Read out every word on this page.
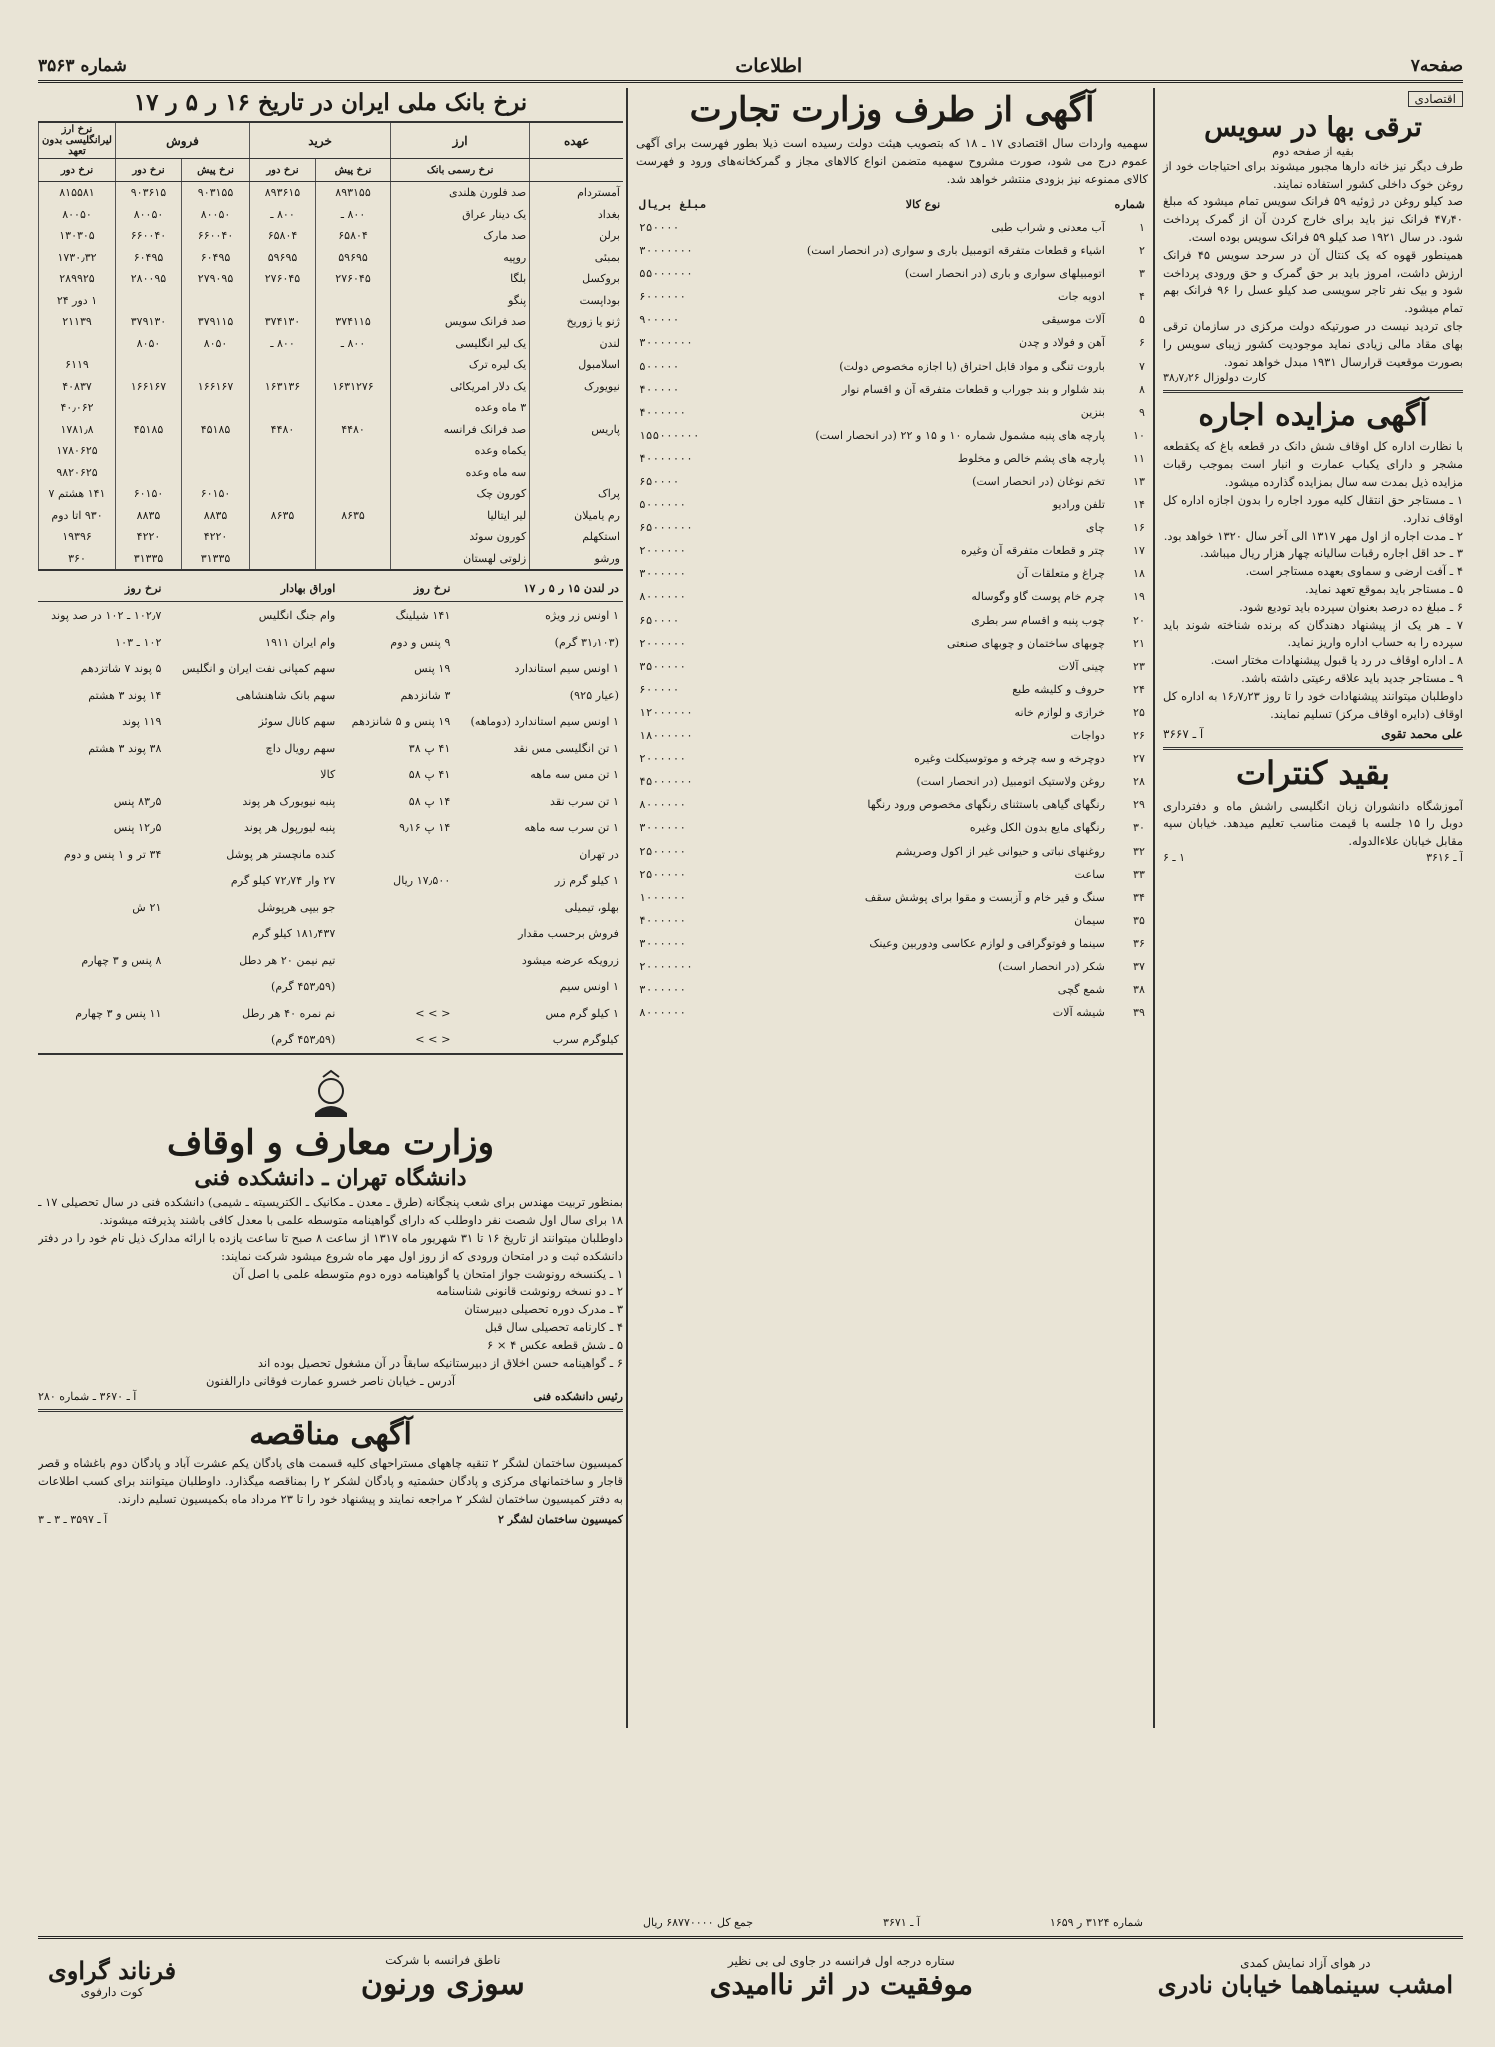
صفحه۷
اطلاعات
شماره ۳۵۶۳
اقتصادی
ترقی بها در سویس
بقیه از صفحه دوم
طرف دیگر نیز خانه دارها مجبور میشوند برای احتیاجات خود از روغن خوک داخلی کشور استفاده نمایند.
صد کیلو روغن در ژوئیه ۵۹ فرانک سویس تمام میشود که مبلغ ۴۷٫۴۰ فرانک نیز باید برای خارج کردن آن از گمرک پرداخت شود. در سال ۱۹۲۱ صد کیلو ۵۹ فرانک سویس بوده است.
همینطور قهوه که یک کنتال آن در سرحد سویس ۴۵ فرانک ارزش داشت، امروز باید بر حق گمرک و حق ورودی پرداخت شود و بیک نفر تاجر سویسی صد کیلو عسل را ۹۶ فرانک بهم تمام میشود.
جای تردید نیست در صورتیکه دولت مرکزی در سازمان ترقی بهای مقاد مالی زیادی نماید موجودیت کشور زیبای سویس را بصورت موقعیت قرارسال ۱۹۳۱ مبدل خواهد نمود.
کارت دولوزال ۳۸٫۷٫۲۶
آگهی مزایده اجاره
با نظارت اداره کل اوقاف شش دانک در قطعه باغ که یکقطعه مشجر و دارای یکباب عمارت و انبار است بموجب رقبات مزایده ذیل بمدت سه سال بمزایده گذارده میشود.
۱ ـ مستاجر حق انتقال کلیه مورد اجاره را بدون اجازه اداره کل اوقاف ندارد.
۲ ـ مدت اجاره از اول مهر ۱۳۱۷ الی آخر سال ۱۳۲۰ خواهد بود.
۳ ـ حد اقل اجاره رقبات سالیانه چهار هزار ریال میباشد.
۴ ـ آفت ارضی و سماوی بعهده مستاجر است.
۵ ـ مستاجر باید بموقع تعهد نماید.
۶ ـ مبلغ ده درصد بعنوان سپرده باید تودیع شود.
۷ ـ هر یک از پیشنهاد دهندگان که برنده شناخته شوند باید سپرده را به حساب اداره واریز نماید.
۸ ـ اداره اوقاف در رد یا قبول پیشنهادات مختار است.
۹ ـ مستاجر جدید باید علاقه رعیتی داشته باشد.
داوطلبان میتوانند پیشنهادات خود را تا روز ۱۶٫۷٫۲۳ به اداره کل اوقاف (دایره اوقاف مرکز) تسلیم نمایند.
علی محمد تقوی
آ ـ ۳۶۶۷
بقید کنترات
آموزشگاه دانشوران زبان انگلیسی راشش ماه و دفترداری دوبل را ۱۵ جلسه با قیمت مناسب تعلیم میدهد. خیابان سپه مقابل خیابان علاء‌الدوله.
آ ـ ۳۶۱۶
۱ ـ ۶
آگهی از طرف وزارت تجارت
سهمیه واردات سال اقتصادی ۱۷ ـ ۱۸ که بتصویب هیئت دولت رسیده است ذیلا بطور فهرست برای آگهی عموم درج می شود، صورت مشروح سهمیه متضمن انواع کالاهای مجاز و گمرکخانه‌های ورود و فهرست کالای ممنوعه نیز بزودی منتشر خواهد شد.
شماره	نوع کالا	مبلغ بریال
۱	آب معدنی و شراب طبی	۲۵۰۰۰۰
۲	اشیاء و قطعات متفرقه اتومبیل باری و سواری (در انحصار است)	۳۰۰۰۰۰۰۰
۳	اتومبیلهای سواری و باری (در انحصار است)	۵۵۰۰۰۰۰۰
۴	ادویه جات	۶۰۰۰۰۰۰
۵	آلات موسیقی	۹۰۰۰۰۰
۶	آهن و فولاد و چدن	۳۰۰۰۰۰۰۰
۷	باروت تنگی و مواد قابل احتراق (با اجازه مخصوص دولت)	۵۰۰۰۰۰
۸	بند شلوار و بند جوراب و قطعات متفرقه آن و اقسام نوار	۴۰۰۰۰۰
۹	بنزین	۴۰۰۰۰۰۰
۱۰	پارچه های پنبه مشمول شماره ۱۰ و ۱۵ و ۲۲ (در انحصار است)	۱۵۵۰۰۰۰۰۰
۱۱	پارچه های پشم خالص و مخلوط	۴۰۰۰۰۰۰۰
۱۳	تخم نوغان (در انحصار است)	۶۵۰۰۰۰
۱۴	تلفن ورادیو	۵۰۰۰۰۰۰
۱۶	چای	۶۵۰۰۰۰۰۰
۱۷	چتر و قطعات متفرقه آن وغیره	۲۰۰۰۰۰۰
۱۸	چراغ و متعلقات آن	۳۰۰۰۰۰۰
۱۹	چرم خام پوست گاو وگوساله	۸۰۰۰۰۰۰
۲۰	چوب پنبه و اقسام سر بطری	۶۵۰۰۰۰
۲۱	چوبهای ساختمان و چوبهای صنعتی	۲۰۰۰۰۰۰
۲۳	چینی آلات	۳۵۰۰۰۰۰
۲۴	حروف و کلیشه طبع	۶۰۰۰۰۰
۲۵	خرازی و لوازم خانه	۱۲۰۰۰۰۰۰
۲۶	دواجات	۱۸۰۰۰۰۰۰
۲۷	دوچرخه و سه چرخه و موتوسیکلت وغیره	۲۰۰۰۰۰۰
۲۸	روغن ولاستیک اتومبیل (در انحصار است)	۴۵۰۰۰۰۰۰
۲۹	رنگهای گیاهی باستثنای رنگهای مخصوص ورود رنگها	۸۰۰۰۰۰۰
۳۰	رنگهای مایع بدون الکل وغیره	۳۰۰۰۰۰۰
۳۲	روغنهای نباتی و حیوانی غیر از اکول وصریشم	۲۵۰۰۰۰۰
۳۳	ساعت	۲۵۰۰۰۰۰
۳۴	سنگ و قیر خام و آزبست و مقوا برای پوشش سقف	۱۰۰۰۰۰۰
۳۵	سیمان	۴۰۰۰۰۰۰
۳۶	سینما و فوتوگرافی و لوازم عکاسی ودوربین وعینک	۳۰۰۰۰۰۰
۳۷	شکر (در انحصار است)	۲۰۰۰۰۰۰۰
۳۸	شمع گچی	۳۰۰۰۰۰۰
۳۹	شیشه آلات	۸۰۰۰۰۰۰
نرخ بانک ملی ایران در تاریخ ۱۶ ر ۵ ر ۱۷
عهده	ارز	خرید		فروش		نرخ ارز لیرانگلیسی بدون تعهد
	نرخ رسمی بانک	نرخ پیش	نرخ دور	نرخ پیش	نرخ دور	نرخ دور
آمستردام	صد فلورن هلندی	۸۹۳۱۵۵	۸۹۳۶۱۵	۹۰۳۱۵۵	۹۰۳۶۱۵	۸۱۵۵۸۱
بغداد	یک دینار عراق	۸۰۰ ـ	۸۰۰ ـ	۸۰۰۵۰	۸۰۰۵۰	۸۰۰۵۰
برلن	صد مارک	۶۵۸۰۴	۶۵۸۰۴	۶۶۰۰۴۰	۶۶۰۰۴۰	۱۳۰۳۰۵
بمبئی	روپیه	۵۹۶۹۵	۵۹۶۹۵	۶۰۴۹۵	۶۰۴۹۵	۱۷۳۰٫۳۲
بروکسل	بلگا	۲۷۶۰۴۵	۲۷۶۰۴۵	۲۷۹۰۹۵	۲۸۰۰۹۵	۲۸۹۹۲۵
بوداپست	پنگو					۱ دور ۲۴
ژنو یا زوریخ	صد فرانک سویس	۳۷۴۱۱۵	۳۷۴۱۳۰	۳۷۹۱۱۵	۳۷۹۱۳۰	۲۱۱۳۹
لندن	یک لیر انگلیسی	۸۰۰ ـ	۸۰۰ ـ	۸۰۵۰	۸۰۵۰	
اسلامبول	یک لیره ترک					۶۱۱۹
نیویورک	یک دلار امریکائی	۱۶۳۱۲۷۶	۱۶۳۱۳۶	۱۶۶۱۶۷	۱۶۶۱۶۷	۴۰۸۳۷
	۳ ماه وعده					۴۰٫۰۶۲
پاریس	صد فرانک فرانسه	۴۴۸۰	۴۴۸۰	۴۵۱۸۵	۴۵۱۸۵	۱۷۸۱٫۸
	یکماه وعده					۱۷۸۰۶۲۵
	سه ماه وعده					۹۸۲۰۶۲۵
پراک	کورون چک			۶۰۱۵۰	۶۰۱۵۰	۱۴۱ هشتم ۷
رم یامیلان	لیر ایتالیا	۸۶۳۵	۸۶۳۵	۸۸۳۵	۸۸۳۵	۹۳۰ اتا دوم
استکهلم	کورون سوئد			۴۲۲۰	۴۲۲۰	۱۹۳۹۶
ورشو	زلوتی لهستان			۳۱۳۳۵	۳۱۳۳۵	۳۶۰
در لندن ۱۵ ر ۵ ر ۱۷	نرخ روز	اوراق بهادار	نرخ روز
۱ اونس زر ویژه	۱۴۱ شیلینگ	وام جنگ انگلیس	۱۰۲٫۷ ـ ۱۰۲ در صد پوند
(۳۱٫۱۰۳ گرم)	۹ پنس و دوم	وام ایران ۱۹۱۱	۱۰۲ ـ ۱۰۳
۱ اونس سیم استاندارد	۱۹ پنس	سهم کمپانی نفت ایران و انگلیس	۵ پوند ۷ شاتزدهم
(عیار ۹۲۵)	۳ شانزدهم	سهم بانک شاهنشاهی	۱۴ پوند ۳ هشتم
۱ اونس سیم استاندارد (دوماهه)	۱۹ پنس و ۵ شانزدهم	سهم کانال سوئز	۱۱۹ پوند
۱ تن انگلیسی مس نقد	۴۱ پ ۳۸	سهم رویال داچ	۳۸ پوند ۳ هشتم
۱ تن مس سه ماهه	۴۱ پ ۵۸	کالا	
۱ تن سرب نقد	۱۴ پ ۵۸	پنبه نیویورک هر پوند	۵ر۸۳ پنس
۱ تن سرب سه ماهه	۱۴ پ ۹٫۱۶	پنبه لیورپول هر پوند	۵ر۱۲ پنس
در تهران		کنده مانچستر هر پوشل	۳۴ تر و ۱ پنس و دوم
۱ کیلو گرم زر	۱۷٫۵۰۰ ریال	۲۷ وار ۷۲٫۷۴ کیلو گرم	
بهلو، تیمیلی		جو بیپی هرپوشل	۲۱ ش
فروش برحسب مقدار		۱۸۱٫۴۳۷ کیلو گرم	
زرویکه عرضه میشود		تیم نیمن ۲۰ هر دطل	۸ پنس و ۳ چهارم
۱ اونس سیم		(۴۵۳٫۵۹ گرم)	
۱ کیلو گرم مس	< > >	نم نمره ۴۰ هر رطل	۱۱ پنس و ۳ چهارم
کیلوگرم سرب	< > >	(۴۵۳٫۵۹ گرم)	
وزارت معارف و اوقاف
دانشگاه تهران ـ دانشکده فنی
بمنظور تربیت مهندس برای شعب پنجگانه (طرق ـ معدن ـ مکانیک ـ الکتریسیته ـ شیمی) دانشکده فنی در سال تحصیلی ۱۷ ـ ۱۸ برای سال اول شصت نفر داوطلب که دارای گواهینامه متوسطه علمی با معدل کافی باشند پذیرفته میشوند.
داوطلبان میتوانند از تاریخ ۱۶ تا ۳۱ شهریور ماه ۱۳۱۷ از ساعت ۸ صبح تا ساعت یازده با ارائه مدارک ذیل نام خود را در دفتر دانشکده ثبت و در امتحان ورودی که از روز اول مهر ماه شروع میشود شرکت نمایند:
۱ ـ یکنسخه رونوشت جواز امتحان یا گواهینامه دوره دوم متوسطه علمی با اصل آن
۲ ـ دو نسخه رونوشت قانونی شناسنامه
۳ ـ مدرک دوره تحصیلی دبیرستان
۴ ـ کارنامه تحصیلی سال قبل
۵ ـ شش قطعه عکس ۴ × ۶
۶ ـ گواهینامه حسن اخلاق از دبیرستانیکه سابقاً در آن مشغول تحصیل بوده اند
آدرس ـ خیابان ناصر خسرو عمارت فوقانی دارالفنون
رئیس دانشکده فنی
آ ـ ۳۶۷۰ ـ شماره ۲۸۰
آگهی مناقصه
کمیسیون ساختمان لشگر ۲ تنقیه چاههای مستراحهای کلیه قسمت های پادگان یکم عشرت آباد و پادگان دوم باغشاه و قصر قاجار و ساختمانهای مرکزی و پادگان حشمتیه و پادگان لشکر ۲ را بمناقصه میگذارد. داوطلبان میتوانند برای کسب اطلاعات به دفتر کمیسیون ساختمان لشکر ۲ مراجعه نمایند و پیشنهاد خود را تا ۲۳ مرداد ماه بکمیسیون تسلیم دارند.
کمیسیون ساختمان لشگر ۲
آ ـ ۳۵۹۷ ـ ۳ ـ ۳
شماره ۳۱۲۴ ر ۱۶۵۹
آ ـ ۳۶۷۱
جمع کل ۶۸۷۷۰۰۰۰ ریال
در هوای آزاد نمایش کمدی
امشب سینماهما خیابان نادری
ستاره درجه اول فرانسه در جاوی لی بی نظیر
موفقیت در اثر ناامیدی
ناطق فرانسه با شرکت
سوزی ورنون
فرناند گراوی
کوت دارفوی
